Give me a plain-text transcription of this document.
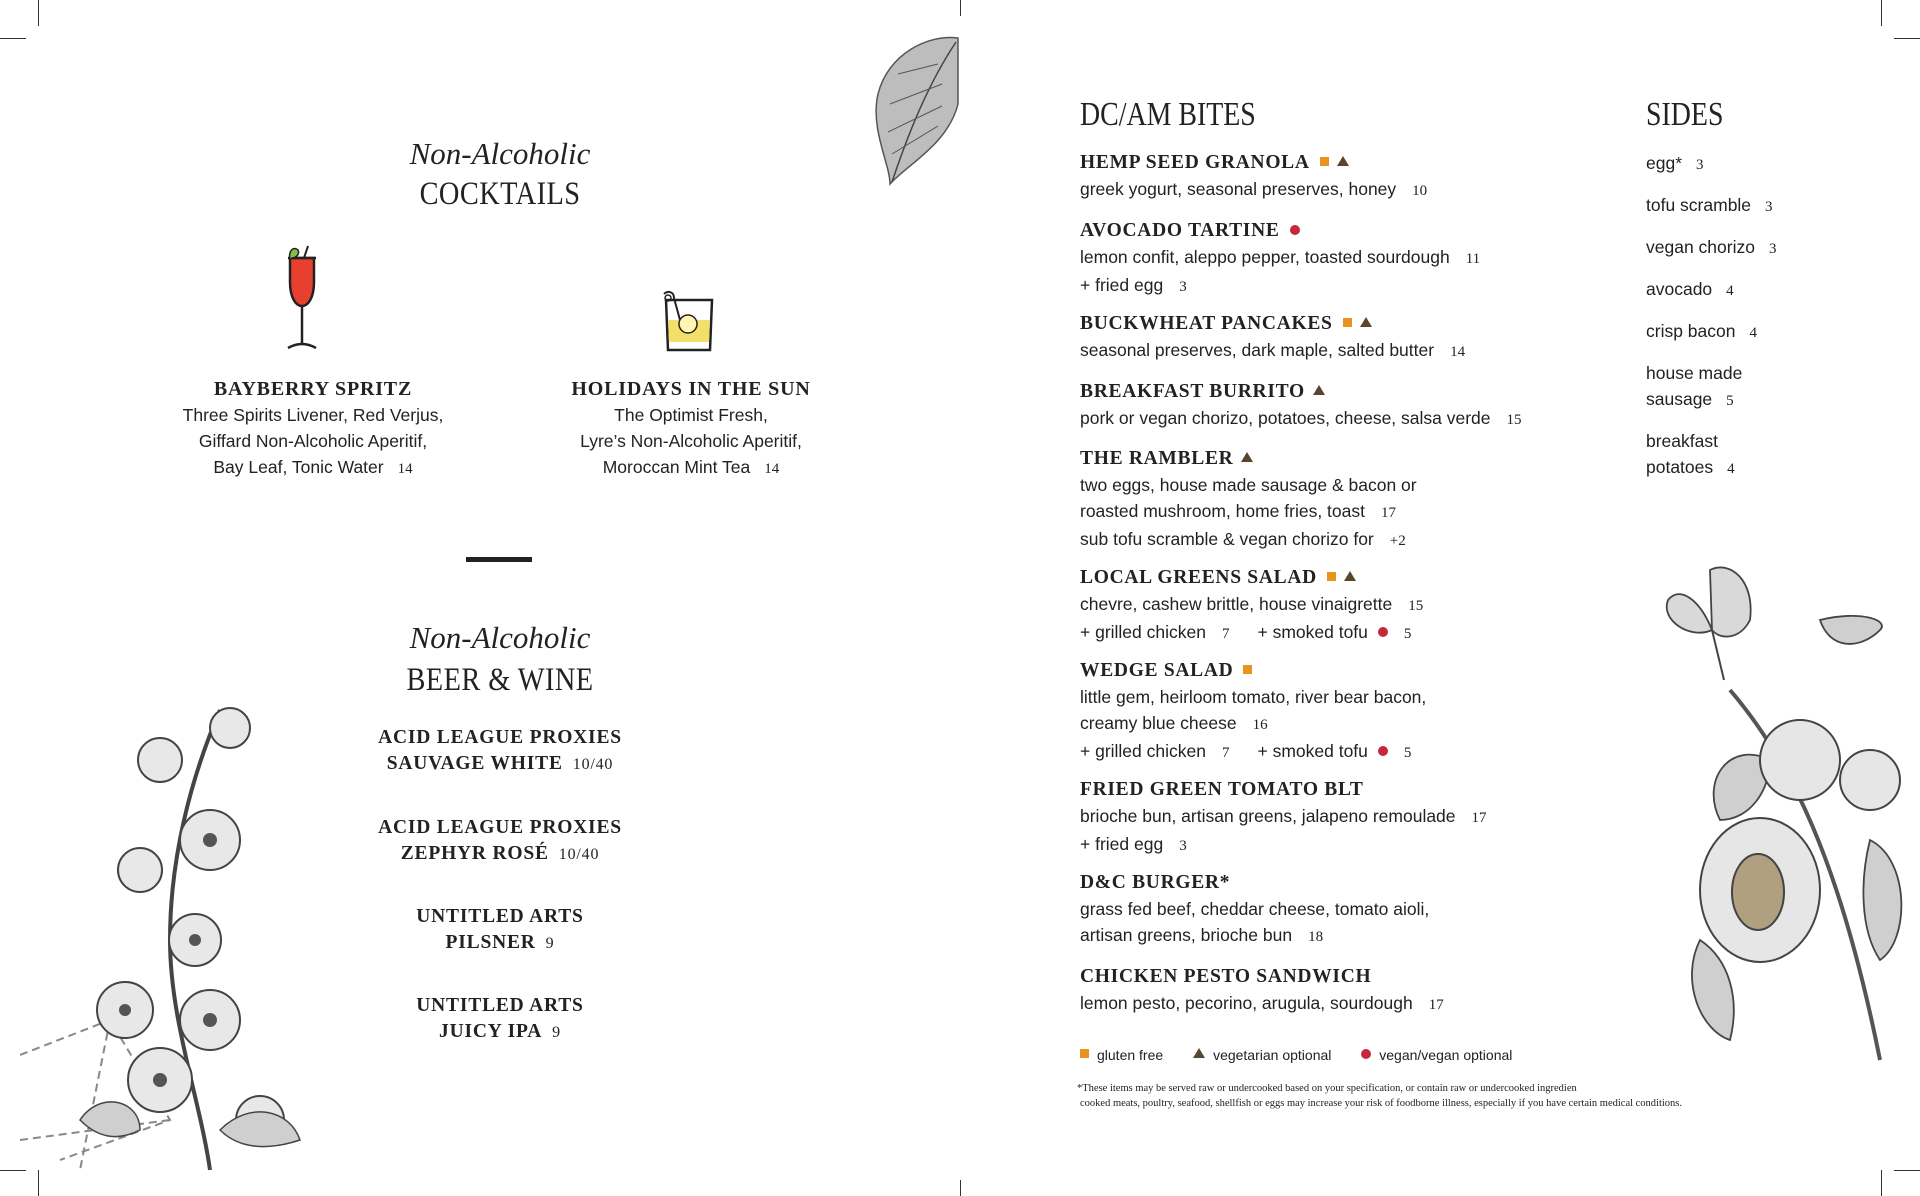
Non-Alcoholic
COCKTAILS
BAYBERRY SPRITZ
Three Spirits Livener, Red Verjus,
Giffard Non-Alcoholic Aperitif,
Bay Leaf, Tonic Water 14
HOLIDAYS IN THE SUN
The Optimist Fresh,
Lyre’s Non-Alcoholic Aperitif,
Moroccan Mint Tea 14
Non-Alcoholic
BEER & WINE
ACID LEAGUE PROXIES
SAUVAGE WHITE 10/40
ACID LEAGUE PROXIES
ZEPHYR ROSÉ 10/40
UNTITLED ARTS
PILSNER 9
UNTITLED ARTS
JUICY IPA 9
DC/AM BITES
HEMP SEED GRANOLA
greek yogurt, seasonal preserves, honey 10
AVOCADO TARTINE
lemon confit, aleppo pepper, toasted sourdough 11
+ fried egg 3
BUCKWHEAT PANCAKES
seasonal preserves, dark maple, salted butter 14
BREAKFAST BURRITO
pork or vegan chorizo, potatoes, cheese, salsa verde 15
THE RAMBLER
two eggs, house made sausage & bacon or
roasted mushroom, home fries, toast 17
sub tofu scramble & vegan chorizo for +2
LOCAL GREENS SALAD
chevre, cashew brittle, house vinaigrette 15
+ grilled chicken 7 + smoked tofu 5
WEDGE SALAD
little gem, heirloom tomato, river bear bacon,
creamy blue cheese 16
+ grilled chicken 7 + smoked tofu 5
FRIED GREEN TOMATO BLT
brioche bun, artisan greens, jalapeno remoulade 17
+ fried egg 3
D&C BURGER*
grass fed beef, cheddar cheese, tomato aioli,
artisan greens, brioche bun 18
CHICKEN PESTO SANDWICH
lemon pesto, pecorino, arugula, sourdough 17
gluten free	vegetarian optional	vegan/vegan optional
*These items may be served raw or undercooked based on your specification, or contain raw or undercooked ingredien
cooked meats, poultry, seafood, shellfish or eggs may increase your risk of foodborne illness, especially if you have certain medical conditions.
SIDES
egg* 3
tofu scramble 3
vegan chorizo 3
avocado 4
crisp bacon 4
house made
sausage 5
breakfast
potatoes 4
